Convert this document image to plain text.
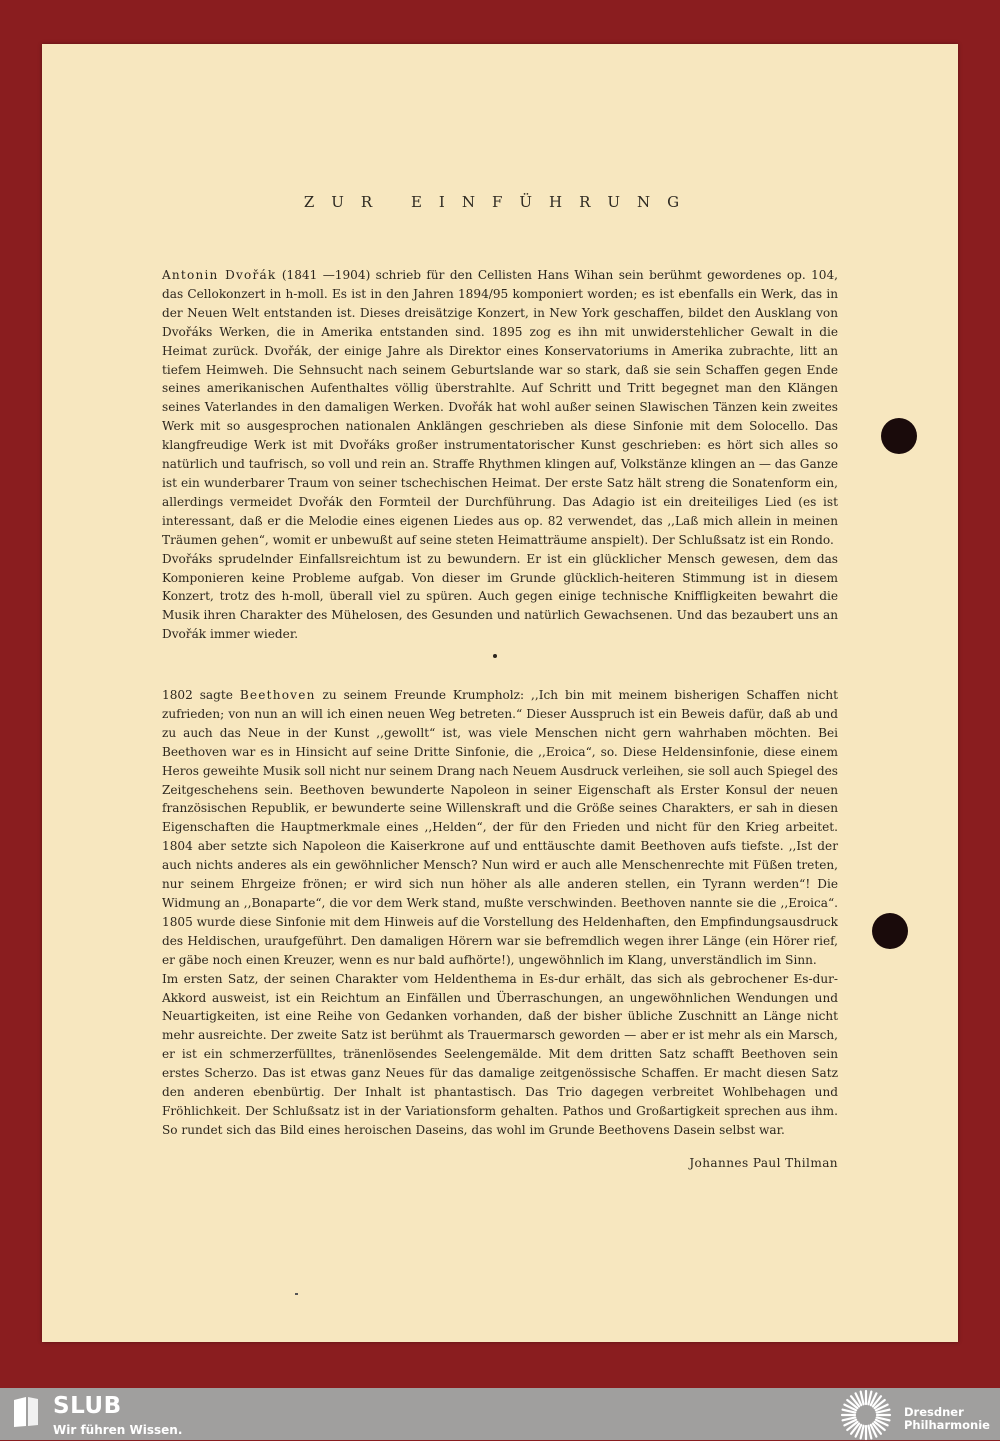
ZUR EINFÜHRUNG

Antonin Dvořák (1841 —1904) schrieb für den Cellisten Hans Wihan sein berühmt gewordenes op. 104, das Cellokonzert in h-moll. Es ist in den Jahren 1894/95 komponiert worden; es ist ebenfalls ein Werk, das in der Neuen Welt entstanden ist. Dieses dreisätzige Konzert, in New York geschaffen, bildet den Ausklang von Dvořáks Werken, die in Amerika entstanden sind. 1895 zog es ihn mit unwiderstehlicher Gewalt in die Heimat zurück. Dvořák, der einige Jahre als Direktor eines Konservatoriums in Amerika zubrachte, litt an tiefem Heimweh. Die Sehnsucht nach seinem Geburtslande war so stark, daß sie sein Schaffen gegen Ende seines amerikanischen Aufenthaltes völlig überstrahlte. Auf Schritt und Tritt begegnet man den Klängen seines Vaterlandes in den damaligen Werken. Dvořák hat wohl außer seinen Slawischen Tänzen kein zweites Werk mit so ausgesprochen nationalen Anklängen geschrieben als diese Sinfonie mit dem Solocello. Das klangfreudige Werk ist mit Dvořáks großer instrumentatorischer Kunst geschrieben: es hört sich alles so natürlich und taufrisch, so voll und rein an. Straffe Rhythmen klingen auf, Volkstänze klingen an — das Ganze ist ein wunderbarer Traum von seiner tschechischen Heimat. Der erste Satz hält streng die Sonatenform ein, allerdings vermeidet Dvořák den Formteil der Durchführung. Das Adagio ist ein dreiteiliges Lied (es ist interessant, daß er die Melodie eines eigenen Liedes aus op. 82 verwendet, das ,,Laß mich allein in meinen Träumen gehen“, womit er unbewußt auf seine steten Heimatträume anspielt). Der Schlußsatz ist ein Rondo.

Dvořáks sprudelnder Einfallsreichtum ist zu bewundern. Er ist ein glücklicher Mensch gewesen, dem das Komponieren keine Probleme aufgab. Von dieser im Grunde glücklich-heiteren Stimmung ist in diesem Konzert, trotz des h-moll, überall viel zu spüren. Auch gegen einige technische Kniffligkeiten bewahrt die Musik ihren Charakter des Mühelosen, des Gesunden und natürlich Gewachsenen. Und das bezaubert uns an Dvořák immer wieder.

1802 sagte Beethoven zu seinem Freunde Krumpholz: ,,Ich bin mit meinem bisherigen Schaffen nicht zufrieden; von nun an will ich einen neuen Weg betreten.“ Dieser Ausspruch ist ein Beweis dafür, daß ab und zu auch das Neue in der Kunst ,,gewollt“ ist, was viele Menschen nicht gern wahrhaben möchten. Bei Beethoven war es in Hinsicht auf seine Dritte Sinfonie, die ,,Eroica“, so. Diese Heldensinfonie, diese einem Heros geweihte Musik soll nicht nur seinem Drang nach Neuem Ausdruck verleihen, sie soll auch Spiegel des Zeitgeschehens sein. Beethoven bewunderte Napoleon in seiner Eigenschaft als Erster Konsul der neuen französischen Republik, er bewunderte seine Willenskraft und die Größe seines Charakters, er sah in diesen Eigenschaften die Hauptmerkmale eines ,,Helden“, der für den Frieden und nicht für den Krieg arbeitet. 1804 aber setzte sich Napoleon die Kaiserkrone auf und enttäuschte damit Beethoven aufs tiefste. ,,Ist der auch nichts anderes als ein gewöhnlicher Mensch? Nun wird er auch alle Menschenrechte mit Füßen treten, nur seinem Ehrgeize frönen; er wird sich nun höher als alle anderen stellen, ein Tyrann werden“! Die Widmung an ,,Bonaparte“, die vor dem Werk stand, mußte verschwinden. Beethoven nannte sie die ,,Eroica“. 1805 wurde diese Sinfonie mit dem Hinweis auf die Vorstellung des Heldenhaften, den Empfindungsausdruck des Heldischen, uraufgeführt. Den damaligen Hörern war sie befremdlich wegen ihrer Länge (ein Hörer rief, er gäbe noch einen Kreuzer, wenn es nur bald aufhörte!), ungewöhnlich im Klang, unverständlich im Sinn.

Im ersten Satz, der seinen Charakter vom Heldenthema in Es-dur erhält, das sich als gebrochener Es-dur-Akkord ausweist, ist ein Reichtum an Einfällen und Überraschungen, an ungewöhnlichen Wendungen und Neuartigkeiten, ist eine Reihe von Gedanken vorhanden, daß der bisher übliche Zuschnitt an Länge nicht mehr ausreichte. Der zweite Satz ist berühmt als Trauermarsch geworden — aber er ist mehr als ein Marsch, er ist ein schmerzerfülltes, tränenlösendes Seelengemälde. Mit dem dritten Satz schafft Beethoven sein erstes Scherzo. Das ist etwas ganz Neues für das damalige zeitgenössische Schaffen. Er macht diesen Satz den anderen ebenbürtig. Der Inhalt ist phantastisch. Das Trio dagegen verbreitet Wohlbehagen und Fröhlichkeit. Der Schlußsatz ist in der Variationsform gehalten. Pathos und Großartigkeit sprechen aus ihm. So rundet sich das Bild eines heroischen Daseins, das wohl im Grunde Beethovens Dasein selbst war.

Johannes Paul Thilman
SLUB
Wir führen Wissen.
Dresdner
Philharmonie
